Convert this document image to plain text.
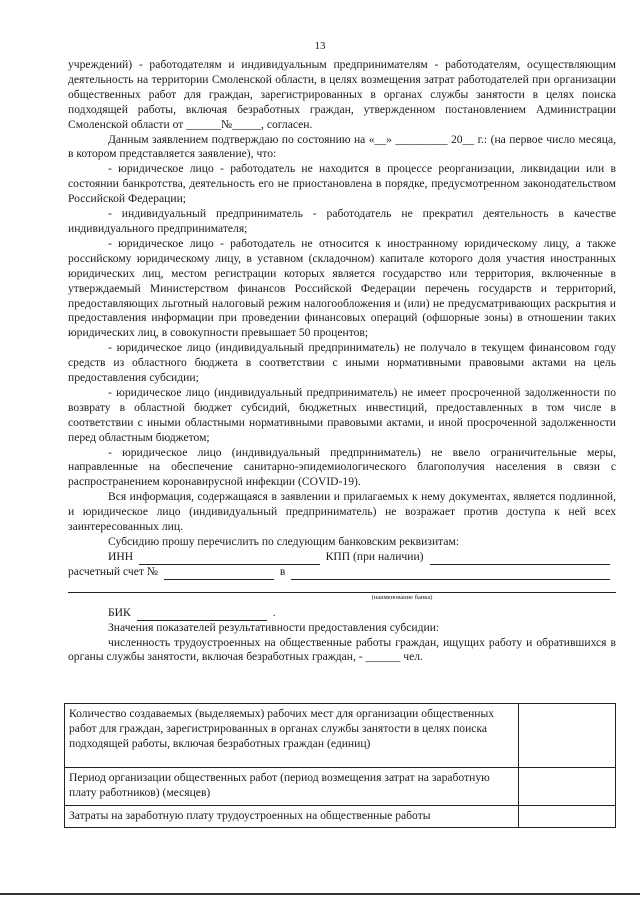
13

учреждений) - работодателям и индивидуальным предпринимателям - работодателям, осуществляющим деятельность на территории Смоленской области, в целях возмещения затрат работодателей при организации общественных работ для граждан, зарегистрированных в органах службы занятости в целях поиска подходящей работы, включая безработных граждан, утвержденном постановлением Администрации Смоленской области от ______№_____, согласен.

Данным заявлением подтверждаю по состоянию на «__» _________ 20__ г.: (на первое число месяца, в котором представляется заявление), что:

- юридическое лицо - работодатель не находится в процессе реорганизации, ликвидации или в состоянии банкротства, деятельность его не приостановлена в порядке, предусмотренном законодательством Российской Федерации;

- индивидуальный предприниматель - работодатель не прекратил деятельность в качестве индивидуального предпринимателя;

- юридическое лицо - работодатель не относится к иностранному юридическому лицу, а также российскому юридическому лицу, в уставном (складочном) капитале которого доля участия иностранных юридических лиц, местом регистрации которых является государство или территория, включенные в утверждаемый Министерством финансов Российской Федерации перечень государств и территорий, предоставляющих льготный налоговый режим налогообложения и (или) не предусматривающих раскрытия и предоставления информации при проведении финансовых операций (офшорные зоны) в отношении таких юридических лиц, в совокупности превышает 50 процентов;

- юридическое лицо (индивидуальный предприниматель) не получало в текущем финансовом году средств из областного бюджета в соответствии с иными нормативными правовыми актами на цель предоставления субсидии;

- юридическое лицо (индивидуальный предприниматель) не имеет просроченной задолженности по возврату в областной бюджет субсидий, бюджетных инвестиций, предоставленных в том числе в соответствии с иными областными нормативными правовыми актами, и иной просроченной задолженности перед областным бюджетом;

- юридическое лицо (индивидуальный предприниматель) не ввело ограничительные меры, направленные на обеспечение санитарно-эпидемиологического благополучия населения в связи с распространением коронавирусной инфекции (COVID-19).

Вся информация, содержащаяся в заявлении и прилагаемых к нему документах, является подлинной, и юридическое лицо (индивидуальный предприниматель) не возражает против доступа к ней всех заинтересованных лиц.

Субсидию прошу перечислить по следующим банковским реквизитам:

ИНН	КПП (при наличии)
расчетный счет №	в
(наименование банка)
БИК	.

Значения показателей результативности предоставления субсидии:

численность трудоустроенных на общественные работы граждан, ищущих работу и обратившихся в органы службы занятости, включая безработных граждан, - ______ чел.

Количество создаваемых (выделяемых) рабочих мест для организации общественных работ для граждан, зарегистрированных в органах службы занятости в целях поиска подходящей работы, включая безработных граждан (единиц)	
Период организации общественных работ (период возмещения затрат на заработную плату работников) (месяцев)	
Затраты на заработную плату трудоустроенных на общественные работы	
